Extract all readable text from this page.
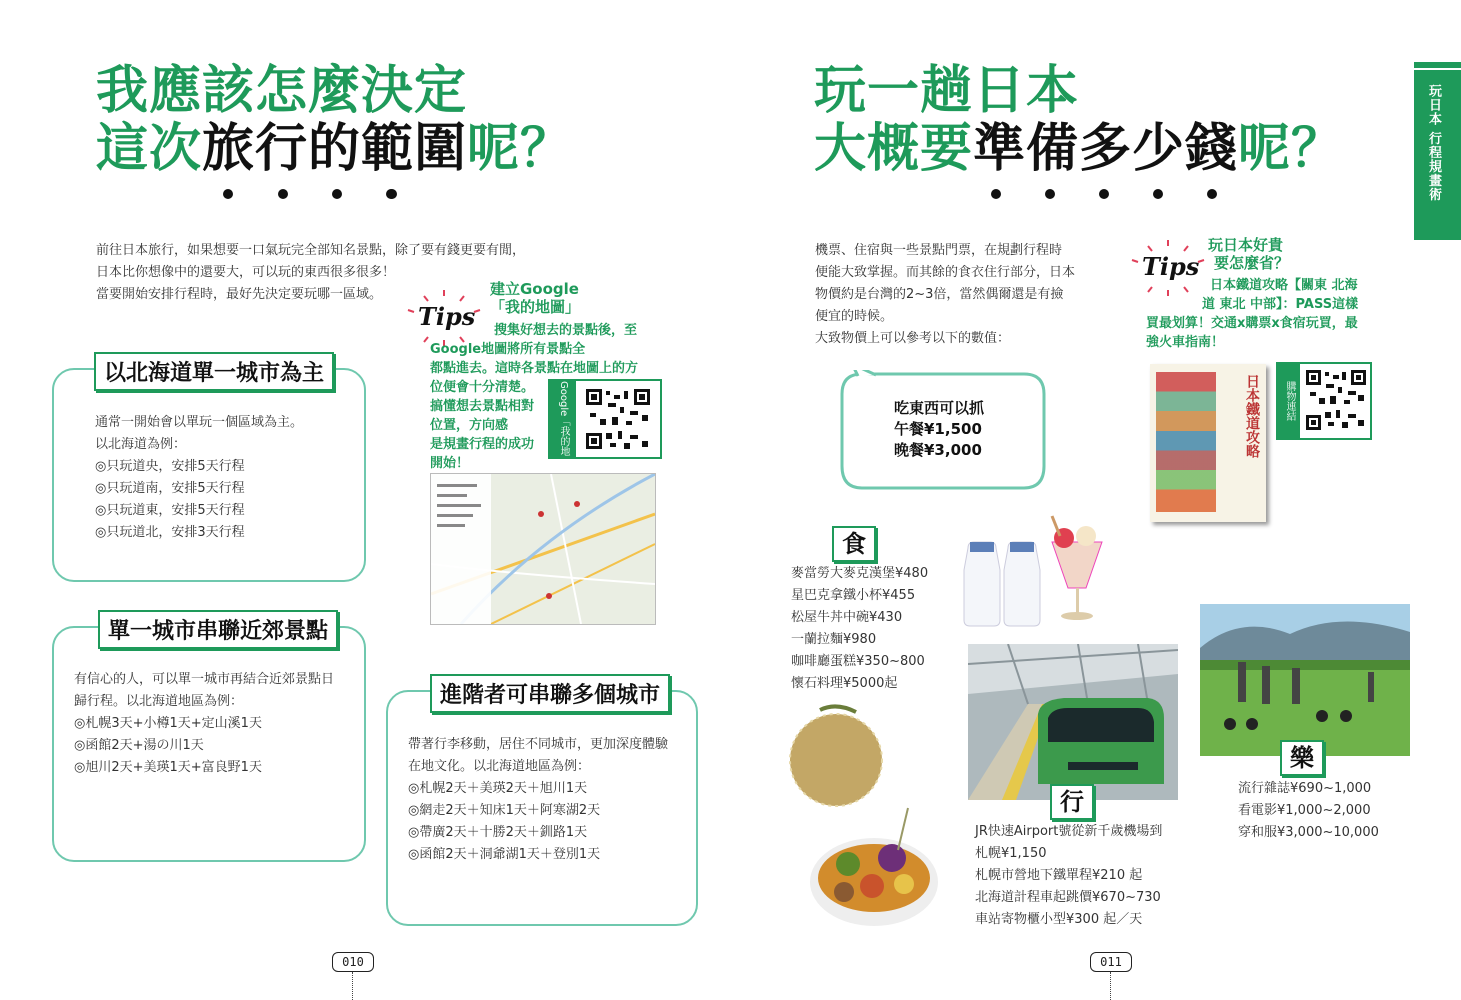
我應該怎麼決定
這次旅行的範圍呢？
前往日本旅行，如果想要一口氣玩完全部知名景點，除了要有錢更要有閒，
日本比你想像中的還要大，可以玩的東西很多很多！
當要開始安排行程時，最好先決定要玩哪一區域。
Tips
建立Google
「我的地圖」
搜集好想去的景點後，至
Google地圖將所有景點全
都點進去。這時各景點在地圖上的方
位便會十分清楚。
搞懂想去景點相對
位置，方向感
是規畫行程的成功
開始！
Google「我的地圖」
以北海道單一城市為主
通常一開始會以單玩一個區域為主。
以北海道為例：
◎只玩道央，安排5天行程
◎只玩道南，安排5天行程
◎只玩道東，安排5天行程
◎只玩道北，安排3天行程
單一城市串聯近郊景點
有信心的人，可以單一城市再結合近郊景點日
歸行程。以北海道地區為例：
◎札幌3天+小樽1天+定山溪1天
◎函館2天+湯の川1天
◎旭川2天+美瑛1天+富良野1天
進階者可串聯多個城市
帶著行李移動，居住不同城市，更加深度體驗
在地文化。以北海道地區為例：
◎札幌2天＋美瑛2天＋旭川1天
◎網走2天＋知床1天＋阿寒湖2天
◎帶廣2天＋十勝2天＋釧路1天
◎函館2天＋洞爺湖1天＋登別1天
010
玩一趟日本
大概要準備多少錢呢？	玩日本 行程規畫術
機票、住宿與一些景點門票，在規劃行程時
便能大致掌握。而其餘的食衣住行部分，日本
物價約是台灣的2~3倍，當然偶爾還是有撿
便宜的時候。
大致物價上可以參考以下的數值：
吃東西可以抓
午餐¥1,500
晚餐¥3,000
Tips
玩日本好貴
要怎麼省？
日本鐵道攻略【關東 北海
道 東北 中部】：PASS這樣
買最划算！交通x購票x食宿玩買，最
強火車指南！
日本鐵道攻略	購物連結
食
麥當勞大麥克漢堡¥480
星巴克拿鐵小杯¥455
松屋牛丼中碗¥430
一蘭拉麵¥980
咖啡廳蛋糕¥350~800
懷石料理¥5000起
行
JR快速Airport號從新千歲機場到
札幌¥1,150
札幌市營地下鐵單程¥210 起
北海道計程車起跳價¥670~730
車站寄物櫃小型¥300 起／天
樂
流行雜誌¥690~1,000
看電影¥1,000~2,000
穿和服¥3,000~10,000
011
